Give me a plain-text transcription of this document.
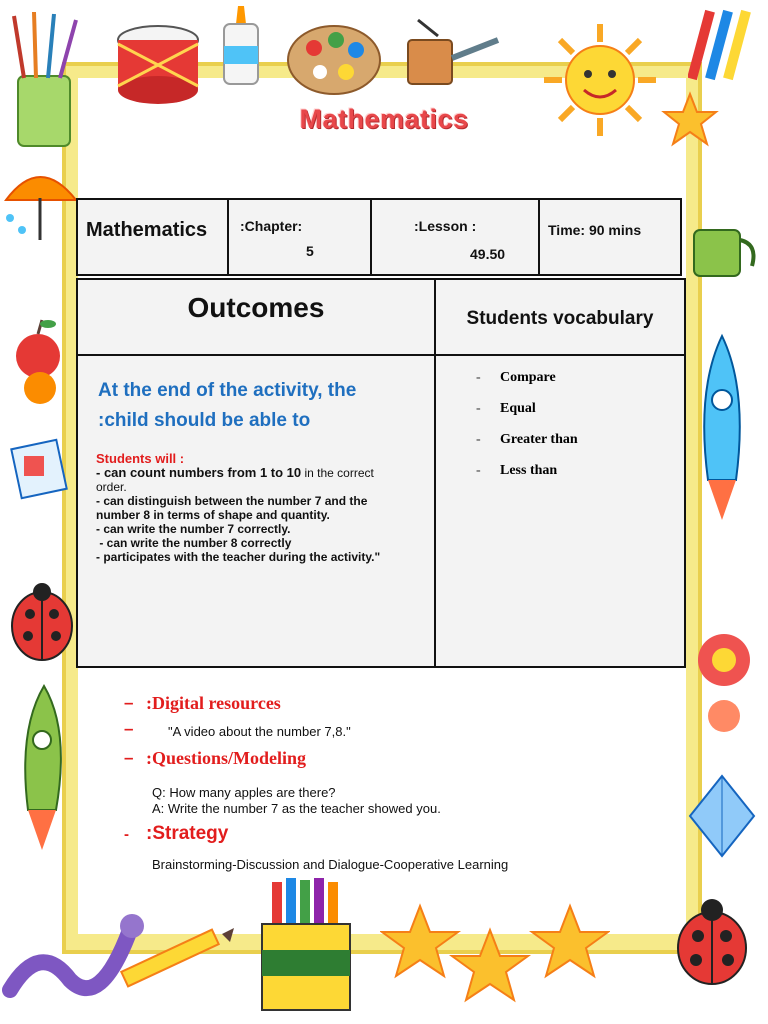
Mathematics
Mathematics :Chapter:
5
:Lesson :
49.50
Time: 90 mins
Outcomes	Students vocabulary
At the end of the activity, the
:child should be able to
Students will :
- can count numbers from 1 to 10 in the correct
order.
- can distinguish between the number 7 and the
number 8 in terms of shape and quantity.
- can write the number 7 correctly.
- can write the number 8 correctly
- participates with the teacher during the activity."
- Compare
- Equal
- Greater than
- Less than
– :Digital resources
–	"A video about the number 7,8."
– :Questions/Modeling
Q: How many apples are there?
A: Write the number 7 as the teacher showed you.
- :Strategy
Brainstorming-Discussion and Dialogue-Cooperative Learning
